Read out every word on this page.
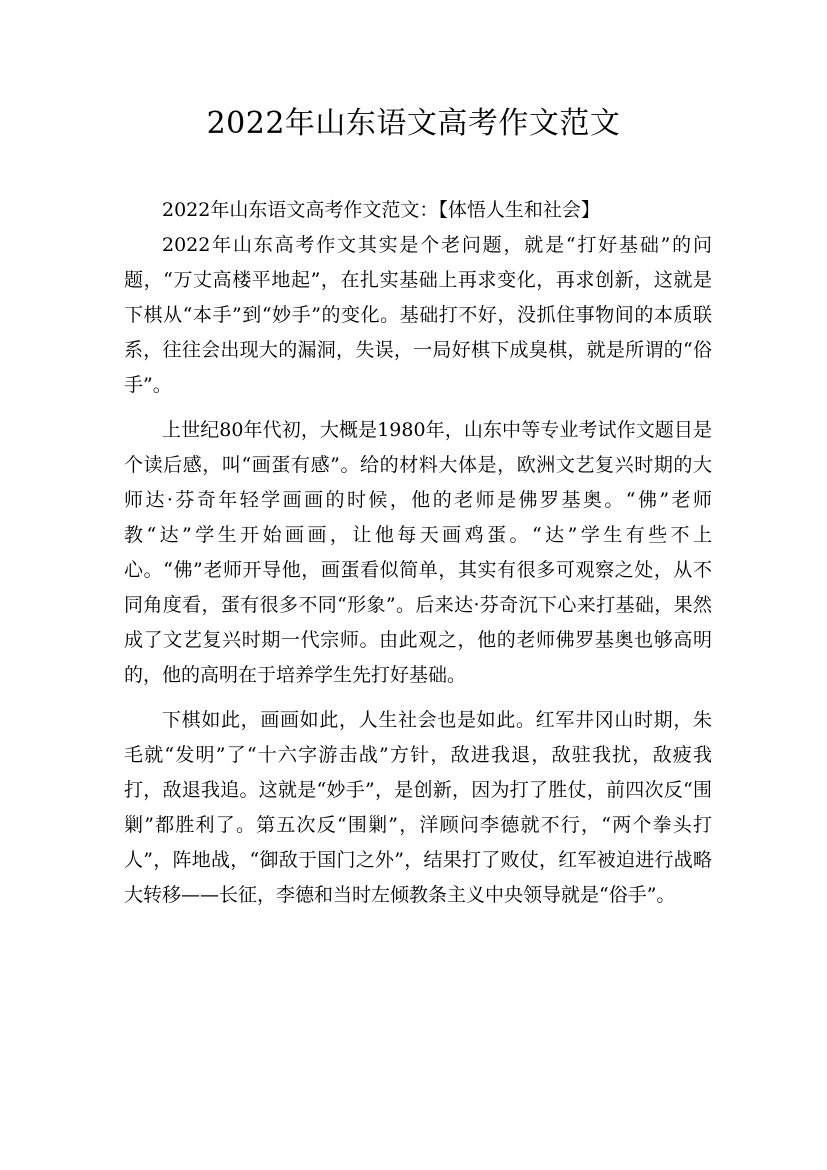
2022年山东语文高考作文范文

2022年山东语文高考作文范文：【体悟人生和社会】

2022年山东高考作文其实是个老问题，就是“打好基础”的问题，“万丈高楼平地起”，在扎实基础上再求变化，再求创新，这就是下棋从“本手”到“妙手”的变化。基础打不好，没抓住事物间的本质联系，往往会出现大的漏洞，失误，一局好棋下成臭棋，就是所谓的“俗手”。

上世纪80年代初，大概是1980年，山东中等专业考试作文题目是个读后感，叫“画蛋有感”。给的材料大体是，欧洲文艺复兴时期的大师达·芬奇年轻学画画的时候，他的老师是佛罗基奥。“佛”老师教“达”学生开始画画，让他每天画鸡蛋。“达”学生有些不上心。“佛”老师开导他，画蛋看似简单，其实有很多可观察之处，从不同角度看，蛋有很多不同“形象”。后来达·芬奇沉下心来打基础，果然成了文艺复兴时期一代宗师。由此观之，他的老师佛罗基奥也够高明的，他的高明在于培养学生先打好基础。

下棋如此，画画如此，人生社会也是如此。红军井冈山时期，朱毛就“发明”了“十六字游击战”方针，敌进我退，敌驻我扰，敌疲我打，敌退我追。这就是“妙手”，是创新，因为打了胜仗，前四次反“围剿”都胜利了。第五次反“围剿”，洋顾问李德就不行，“两个拳头打人”，阵地战，“御敌于国门之外”，结果打了败仗，红军被迫进行战略大转移——长征，李德和当时左倾教条主义中央领导就是“俗手”。
